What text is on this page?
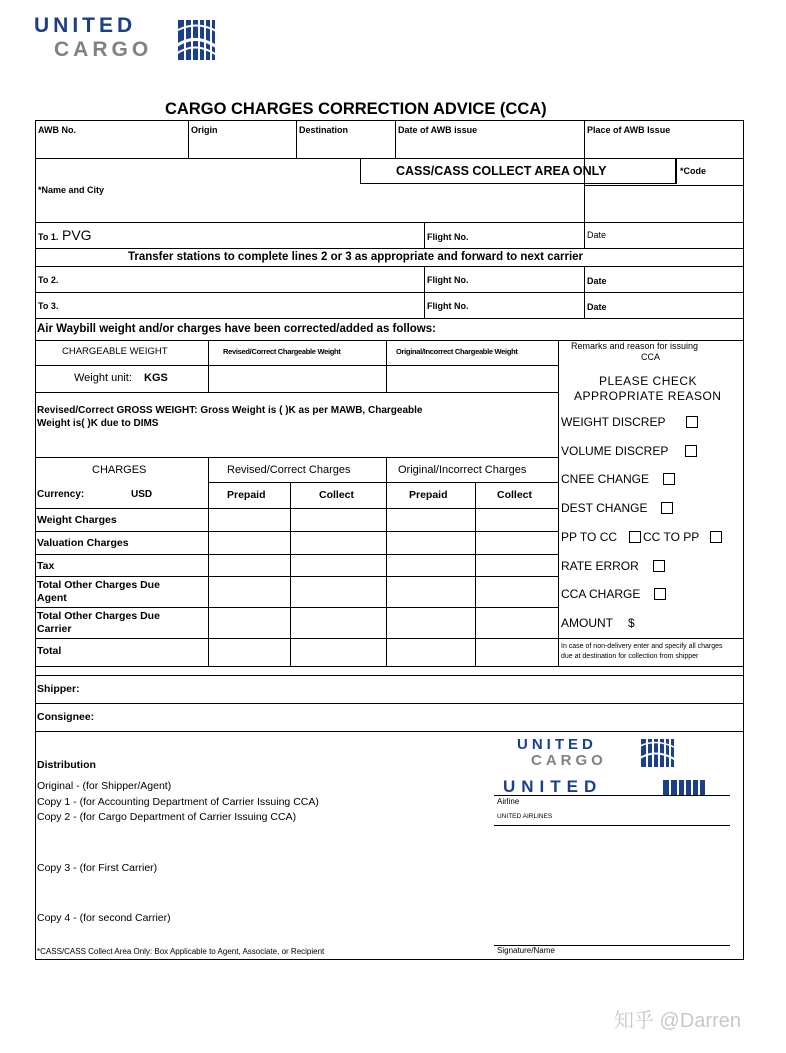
UNITED
CARGO
CARGO CHARGES CORRECTION ADVICE (CCA)
AWB No.	Origin	Destination	Date of AWB issue	Place of AWB Issue
CASS/CASS COLLECT AREA ONLY	*Code
*Name and City
To 1. PVG	Flight No.	Date
Transfer stations to complete lines 2 or 3 as appropriate and forward to next carrier
To 2.	Flight No.	Date
To 3.	Flight No.	Date
Air Waybill weight and/or charges have been corrected/added as follows:
CHARGEABLE WEIGHT	Revised/Correct Chargeable Weight	Original/Incorrect Chargeable Weight
Weight unit: KGS
Revised/Correct GROSS WEIGHT: Gross Weight is ( )K as per MAWB, Chargeable
Weight is( )K due to DIMS
Remarks and reason for issuing
CCA
PLEASE CHECK
APPROPRIATE REASON
WEIGHT DISCREP
VOLUME DISCREP
CNEE CHANGE
DEST CHANGE
PP TO CC CC TO PP
RATE ERROR
CCA CHARGE
AMOUNT $
In case of non-delivery enter and specify all charges
due at destination for collection from shipper
CHARGES	Revised/Correct Charges	Original/Incorrect Charges
Currency:	USD	Prepaid	Collect	Prepaid	Collect
Weight Charges
Valuation Charges
Tax
Total Other Charges Due
Agent
Total Other Charges Due
Carrier
Total
Shipper:
Consignee:
Distribution
Original - (for Shipper/Agent)
Copy 1 - (for Accounting Department of Carrier Issuing CCA)
Copy 2 - (for Cargo Department of Carrier Issuing CCA)
Copy 3 - (for First Carrier)
Copy 4 - (for second Carrier)
*CASS/CASS Collect Area Only: Box Applicable to Agent, Associate, or Recipient
UNITED
CARGO
UNITED
Airline
UNITED AIRLINES
Signature/Name
知乎 @Darren
